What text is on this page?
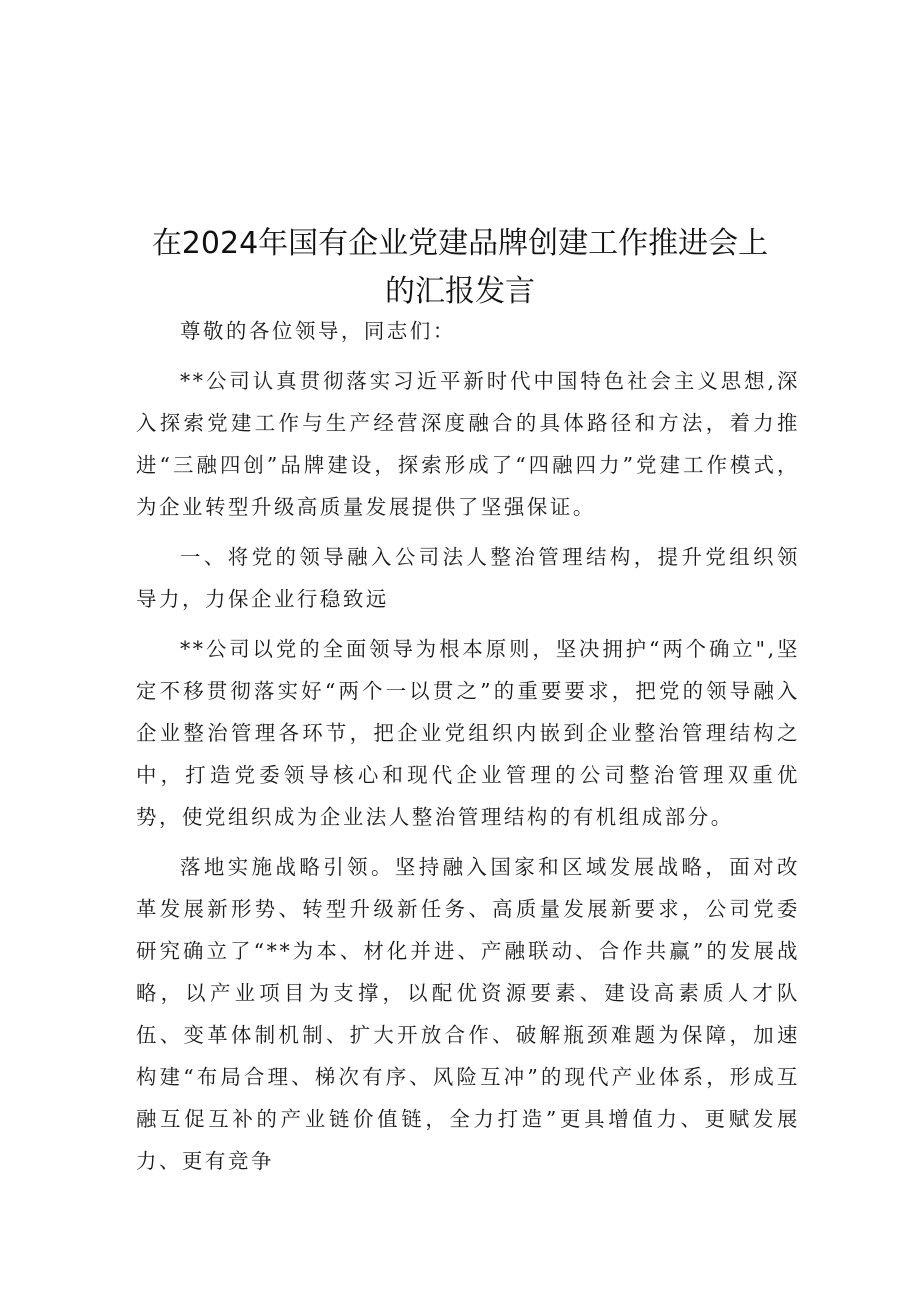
在2024年国有企业党建品牌创建工作推进会上
的汇报发言

尊敬的各位领导，同志们：

**公司认真贯彻落实习近平新时代中国特色社会主义思想,深入探索党建工作与生产经营深度融合的具体路径和方法，着力推进“三融四创”品牌建设，探索形成了“四融四力”党建工作模式，为企业转型升级高质量发展提供了坚强保证。

一、将党的领导融入公司法人整治管理结构，提升党组织领导力，力保企业行稳致远

**公司以党的全面领导为根本原则，坚决拥护“两个确立",坚定不移贯彻落实好“两个一以贯之”的重要要求，把党的领导融入企业整治管理各环节，把企业党组织内嵌到企业整治管理结构之中，打造党委领导核心和现代企业管理的公司整治管理双重优势，使党组织成为企业法人整治管理结构的有机组成部分。

落地实施战略引领。坚持融入国家和区域发展战略，面对改革发展新形势、转型升级新任务、高质量发展新要求，公司党委研究确立了“**为本、材化并进、产融联动、合作共赢”的发展战略，以产业项目为支撑，以配优资源要素、建设高素质人才队伍、变革体制机制、扩大开放合作、破解瓶颈难题为保障，加速构建“布局合理、梯次有序、风险互冲”的现代产业体系，形成互融互促互补的产业链价值链，全力打造”更具增值力、更赋发展力、更有竞争
